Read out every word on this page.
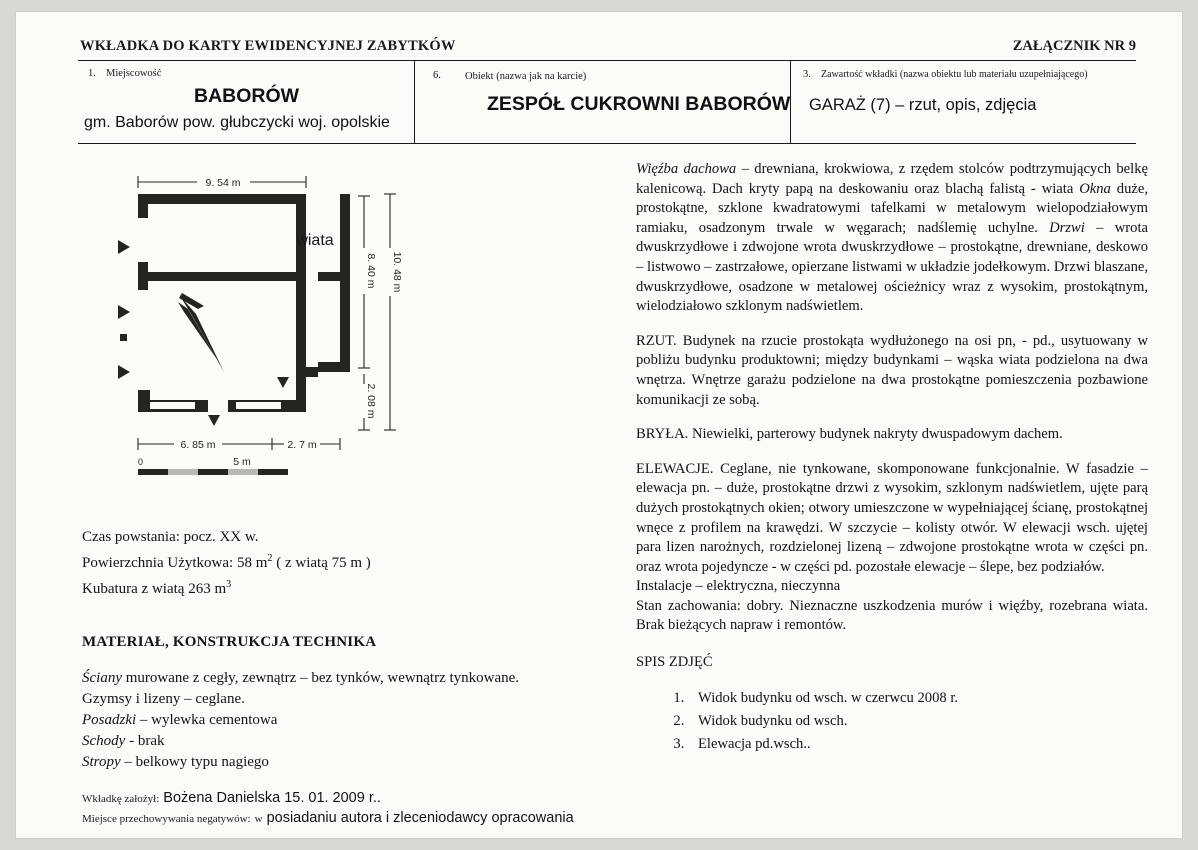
WKŁADKA DO KARTY EWIDENCYJNEJ ZABYTKÓW	ZAŁĄCZNIK NR 9
1. Miejscowość
BABORÓW
gm. Baborów pow. głubczycki woj. opolskie
6. Obiekt (nazwa jak na karcie)
ZESPÓŁ CUKROWNI BABORÓW
3. Zawartość wkładki (nazwa obiektu lub materiału uzupełniającego)
GARAŻ (7) – rzut, opis, zdjęcia
9. 54 m
wiata
8. 40 m
2. 08 m
10. 48 m
6. 85 m	2. 7 m
0	5 m
Czas powstania: pocz. XX w.
Powierzchnia Użytkowa: 58 $m^2$ ( z wiatą 75 m )
Kubatura z wiatą 263 $m^3$
MATERIAŁ, KONSTRUKCJA TECHNIKA
Ściany murowane z cegły, zewnątrz – bez tynków, wewnątrz tynkowane.
Gzymsy i lizeny – ceglane.
Posadzki – wylewka cementowa
Schody - brak
Stropy – belkowy typu nagiego
Wkładkę założył: Bożena Danielska 15. 01. 2009 r..
Miejsce przechowywania negatywów: w posiadaniu autora i zleceniodawcy opracowania

Więźba dachowa – drewniana, krokwiowa, z rzędem stolców podtrzymujących belkę kalenicową. Dach kryty papą na deskowaniu oraz blachą falistą - wiata Okna duże, prostokątne, szklone kwadratowymi tafelkami w metalowym wielopodziałowym ramiaku, osadzonym trwale w węgarach; nadślemię uchylne. Drzwi – wrota dwuskrzydłowe i zdwojone wrota dwuskrzydłowe – prostokątne, drewniane, deskowo – listwowo – zastrzałowe, opierzane listwami w układzie jodełkowym. Drzwi blaszane, dwuskrzydłowe, osadzone w metalowej ościeżnicy wraz z wysokim, prostokątnym, wielodziałowo szklonym nadświetlem.

RZUT. Budynek na rzucie prostokąta wydłużonego na osi pn, - pd., usytuowany w pobliżu budynku produktowni; między budynkami – wąska wiata podzielona na dwa wnętrza. Wnętrze garażu podzielone na dwa prostokątne pomieszczenia pozbawione komunikacji ze sobą.

BRYŁA. Niewielki, parterowy budynek nakryty dwuspadowym dachem.

ELEWACJE. Ceglane, nie tynkowane, skomponowane funkcjonalnie. W fasadzie – elewacja pn. – duże, prostokątne drzwi z wysokim, szklonym nadświetlem, ujęte parą dużych prostokątnych okien; otwory umieszczone w wypełniającej ścianę, prostokątnej wnęce z profilem na krawędzi. W szczycie – kolisty otwór. W elewacji wsch. ujętej para lizen narożnych, rozdzielonej lizeną – zdwojone prostokątne wrota w części pn. oraz wrota pojedyncze - w części pd. pozostałe elewacje – ślepe, bez podziałów.

Instalacje – elektryczna, nieczynna

Stan zachowania: dobry. Nieznaczne uszkodzenia murów i więźby, rozebrana wiata. Brak bieżących napraw i remontów.

SPIS ZDJĘĆ
1. Widok budynku od wsch. w czerwcu 2008 r.
2. Widok budynku od wsch.
3. Elewacja pd.wsch..
